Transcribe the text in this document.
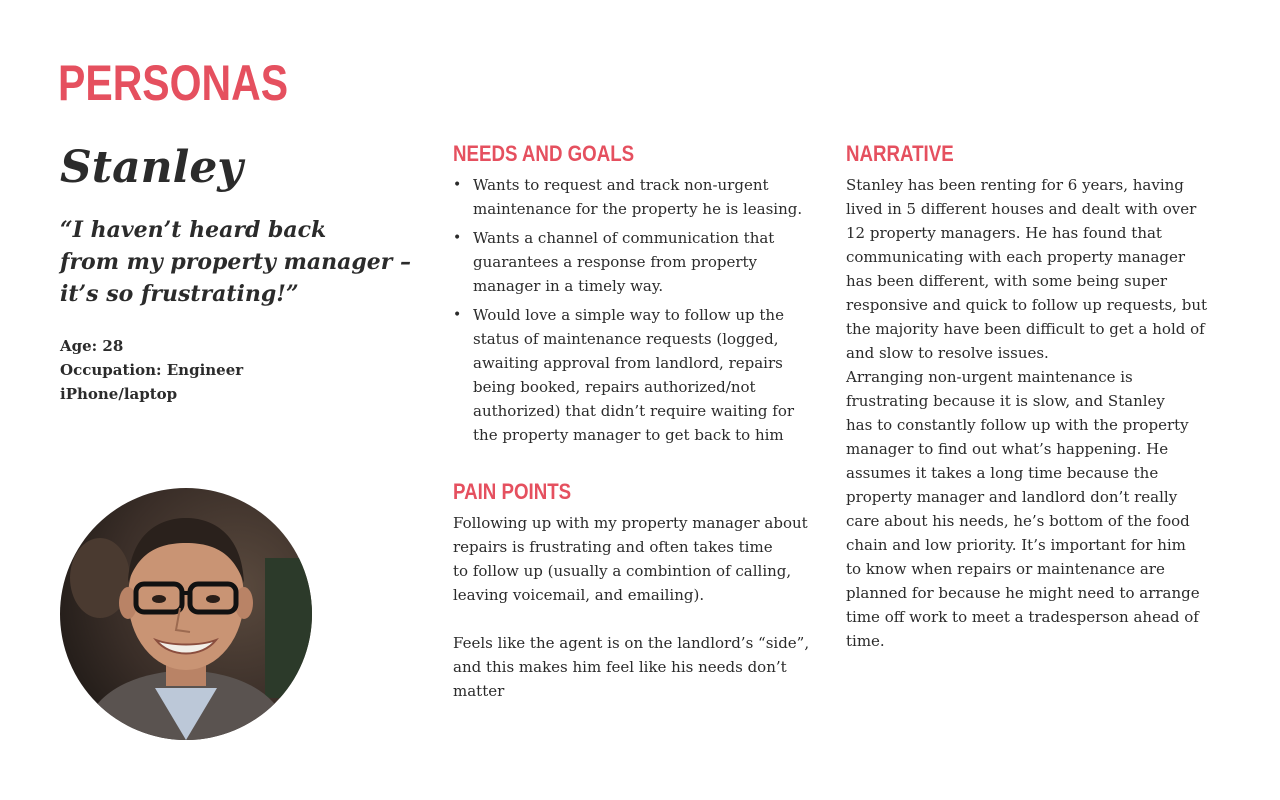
PERSONAS
Stanley

“I haven’t heard back
from my property manager –
it’s so frustrating!”

Age: 28
Occupation: Engineer
iPhone/laptop
NEEDS AND GOALS
• Wants to request and track non-urgent
maintenance for the property he is leasing.
• Wants a channel of communication that
guarantees a response from property
manager in a timely way.
• Would love a simple way to follow up the
status of maintenance requests (logged,
awaiting approval from landlord, repairs
being booked, repairs authorized/not
authorized) that didn’t require waiting for
the property manager to get back to him
PAIN POINTS

Following up with my property manager about
repairs is frustrating and often takes time
to follow up (usually a combintion of calling,
leaving voicemail, and emailing).

Feels like the agent is on the landlord’s “side”,
and this makes him feel like his needs don’t
matter

NARRATIVE
Stanley has been renting for 6 years, having
lived in 5 different houses and dealt with over
12 property managers. He has found that
communicating with each property manager
has been different, with some being super
responsive and quick to follow up requests, but
the majority have been difficult to get a hold of
and slow to resolve issues.
Arranging non-urgent maintenance is
frustrating because it is slow, and Stanley
has to constantly follow up with the property
manager to find out what’s happening. He
assumes it takes a long time because the
property manager and landlord don’t really
care about his needs, he’s bottom of the food
chain and low priority. It’s important for him
to know when repairs or maintenance are
planned for because he might need to arrange
time off work to meet a tradesperson ahead of
time.
